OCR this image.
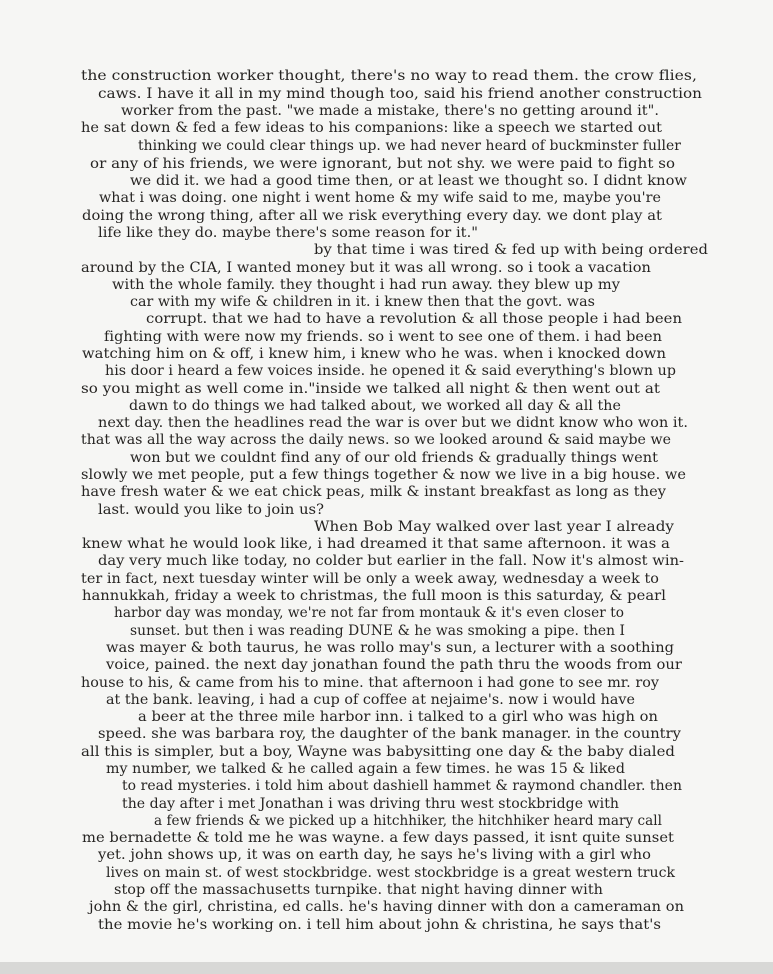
the construction worker thought, there's no way to read them. the crow flies,
caws. I have it all in my mind though too, said his friend another construction
worker from the past. "we made a mistake, there's no getting around it".
he sat down & fed a few ideas to his companions: like a speech we started out
thinking we could clear things up. we had never heard of buckminster fuller
or any of his friends, we were ignorant, but not shy. we were paid to fight so
we did it. we had a good time then, or at least we thought so. I didnt know
what i was doing. one night i went home & my wife said to me, maybe you're
doing the wrong thing, after all we risk everything every day. we dont play at
life like they do. maybe there's some reason for it."
by that time i was tired & fed up with being ordered
around by the CIA, I wanted money but it was all wrong. so i took a vacation
with the whole family. they thought i had run away. they blew up my
car with my wife & children in it. i knew then that the govt. was
corrupt. that we had to have a revolution & all those people i had been
fighting with were now my friends. so i went to see one of them. i had been
watching him on & off, i knew him, i knew who he was. when i knocked down
his door i heard a few voices inside. he opened it & said everything's blown up
so you might as well come in."inside we talked all night & then went out at
dawn to do things we had talked about, we worked all day & all the
next day. then the headlines read the war is over but we didnt know who won it.
that was all the way across the daily news. so we looked around & said maybe we
won but we couldnt find any of our old friends & gradually things went
slowly we met people, put a few things together & now we live in a big house. we
have fresh water & we eat chick peas, milk & instant breakfast as long as they
last. would you like to join us?
When Bob May walked over last year I already
knew what he would look like, i had dreamed it that same afternoon. it was a
day very much like today, no colder but earlier in the fall. Now it's almost win-
ter in fact, next tuesday winter will be only a week away, wednesday a week to
hannukkah, friday a week to christmas, the full moon is this saturday, & pearl
harbor day was monday, we're not far from montauk & it's even closer to
sunset. but then i was reading DUNE & he was smoking a pipe. then I
was mayer & both taurus, he was rollo may's sun, a lecturer with a soothing
voice, pained. the next day jonathan found the path thru the woods from our
house to his, & came from his to mine. that afternoon i had gone to see mr. roy
at the bank. leaving, i had a cup of coffee at nejaime's. now i would have
a beer at the three mile harbor inn. i talked to a girl who was high on
speed. she was barbara roy, the daughter of the bank manager. in the country
all this is simpler, but a boy, Wayne was babysitting one day & the baby dialed
my number, we talked & he called again a few times. he was 15 & liked
to read mysteries. i told him about dashiell hammet & raymond chandler. then
the day after i met Jonathan i was driving thru west stockbridge with
a few friends & we picked up a hitchhiker, the hitchhiker heard mary call
me bernadette & told me he was wayne. a few days passed, it isnt quite sunset
yet. john shows up, it was on earth day, he says he's living with a girl who
lives on main st. of west stockbridge. west stockbridge is a great western truck
stop off the massachusetts turnpike. that night having dinner with
john & the girl, christina, ed calls. he's having dinner with don a cameraman on
the movie he's working on. i tell him about john & christina, he says that's
